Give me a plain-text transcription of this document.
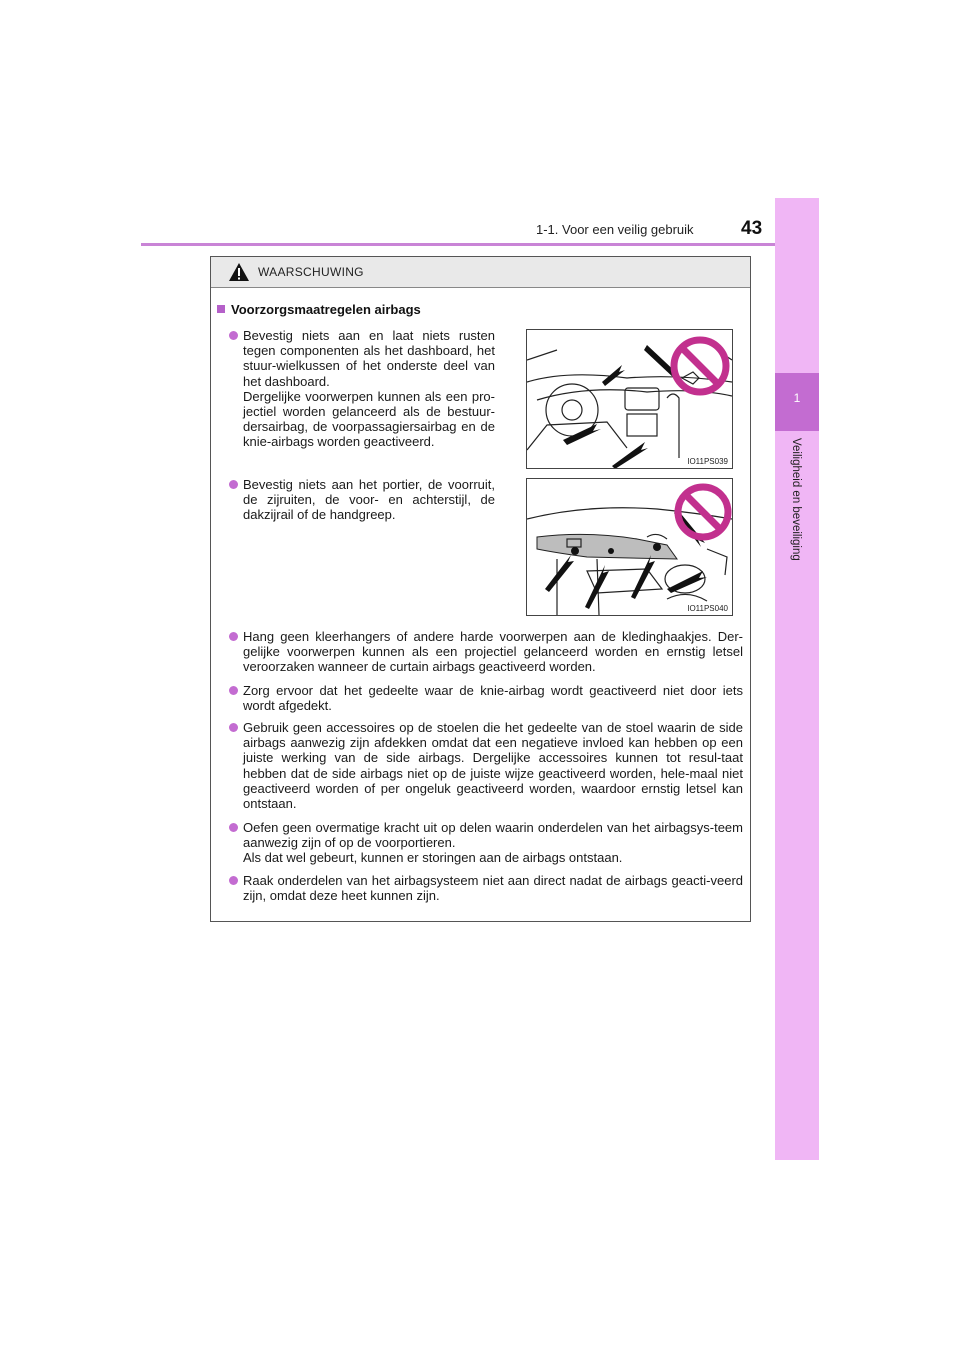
1-1. Voor een veilig gebruik 43
1
Veiligheid en beveiliging
WAARSCHUWING
Voorzorgsmaatregelen airbags

Bevestig niets aan en laat niets rusten tegen componenten als het dashboard, het stuur-wielkussen of het onderste deel van het dashboard.
Dergelijke voorwerpen kunnen als een pro-jectiel worden gelanceerd als de bestuur-dersairbag, de voorpassagiersairbag en de knie-airbags worden geactiveerd.

IO11PS039

Bevestig niets aan het portier, de voorruit, de zijruiten, de voor- en achterstijl, de dakzijrail of de handgreep.

IO11PS040

Hang geen kleerhangers of andere harde voorwerpen aan de kledinghaakjes. Der-gelijke voorwerpen kunnen als een projectiel gelanceerd worden en ernstig letsel veroorzaken wanneer de curtain airbags geactiveerd worden.

Zorg ervoor dat het gedeelte waar de knie-airbag wordt geactiveerd niet door iets wordt afgedekt.

Gebruik geen accessoires op de stoelen die het gedeelte van de stoel waarin de side airbags aanwezig zijn afdekken omdat dat een negatieve invloed kan hebben op een juiste werking van de side airbags. Dergelijke accessoires kunnen tot resul-taat hebben dat de side airbags niet op de juiste wijze geactiveerd worden, hele-maal niet geactiveerd worden of per ongeluk geactiveerd worden, waardoor ernstig letsel kan ontstaan.

Oefen geen overmatige kracht uit op delen waarin onderdelen van het airbagsys-teem aanwezig zijn of op de voorportieren.
Als dat wel gebeurt, kunnen er storingen aan de airbags ontstaan.

Raak onderdelen van het airbagsysteem niet aan direct nadat de airbags geacti-veerd zijn, omdat deze heet kunnen zijn.
